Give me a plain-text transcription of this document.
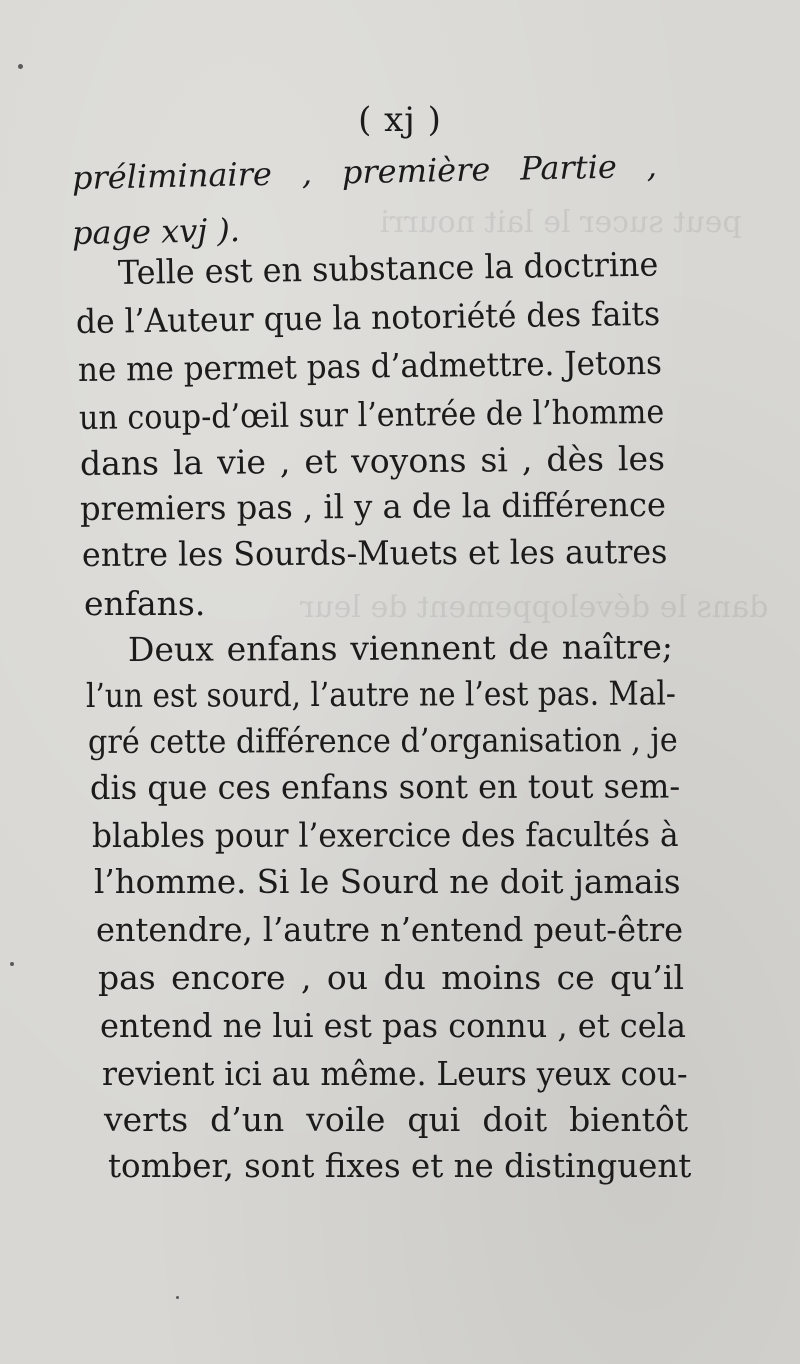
peut sucer le lait nourri
dans le développement de leur
( xj )
préliminaire , première Partie ,
page xvj ).
Telle est en substance la doctrine
de l’Auteur que la notoriété des faits
ne me permet pas d’admettre. Jetons
un coup-d’œil sur l’entrée de l’homme
dans la vie , et voyons si , dès les
premiers pas , il y a de la différence
entre les Sourds-Muets et les autres
enfans.
Deux enfans viennent de naître;
l’un est sourd, l’autre ne l’est pas. Mal-
gré cette différence d’organisation , je
dis que ces enfans sont en tout sem-
blables pour l’exercice des facultés à
l’homme. Si le Sourd ne doit jamais
entendre, l’autre n’entend peut-être
pas encore , ou du moins ce qu’il
entend ne lui est pas connu , et cela
revient ici au même. Leurs yeux cou-
verts d’un voile qui doit bientôt
tomber, sont fixes et ne distinguent
